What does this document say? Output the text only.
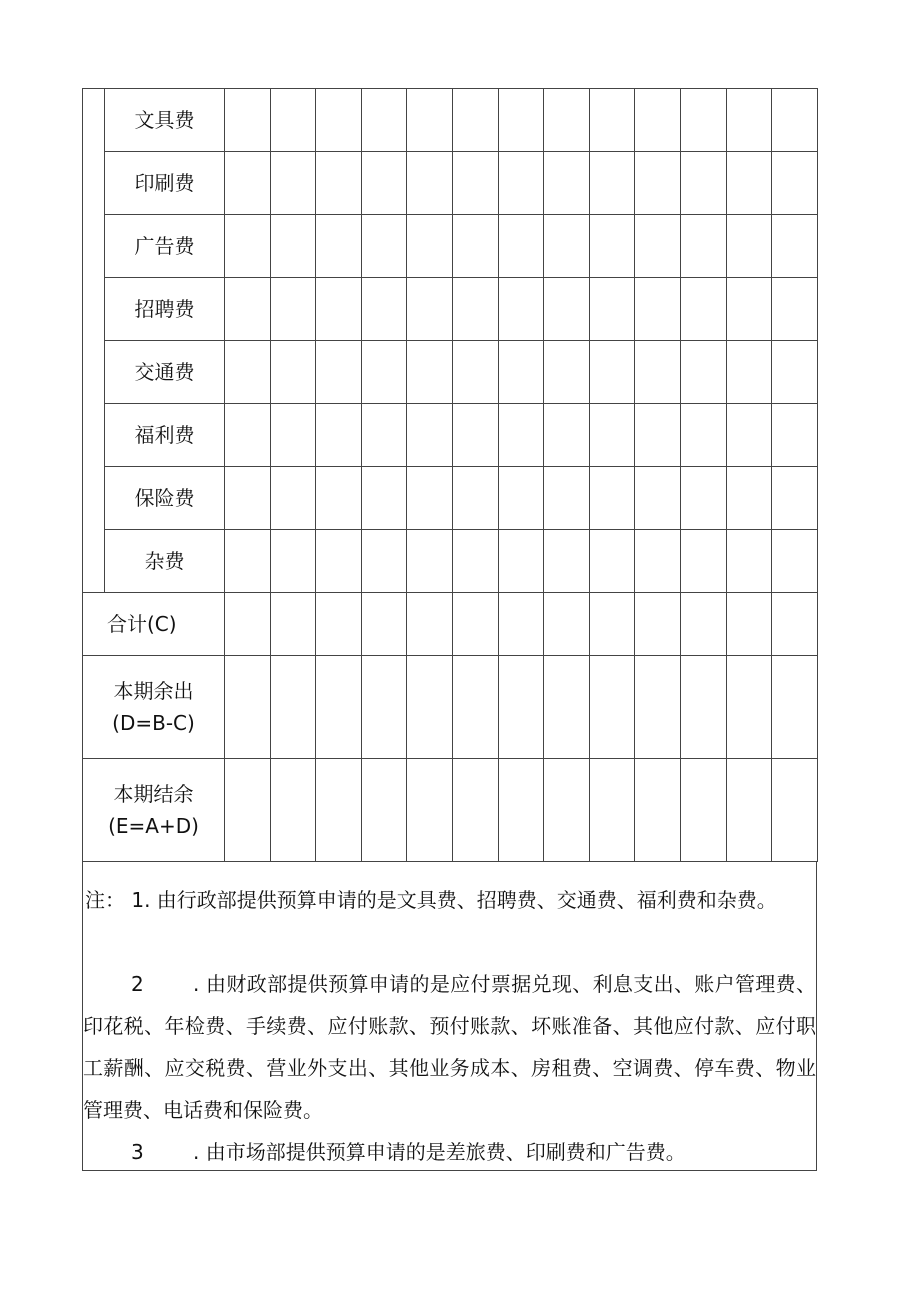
	文具费													
	印刷费													
	广告费													
	招聘费													
	交通费													
	福利费													
	保险费													
	杂费													
合计(C)														

本期余出
(D=B-C)														

本期结余
(E=A+D)														

注： 1. 由行政部提供预算申请的是文具费、招聘费、交通费、福利费和杂费。
. 由财政部提供预算申请的是应付票据兑现、利息支出、账户管理费、印花税、年检费、手续费、应付账款、预付账款、坏账准备、其他应付款、应付职工薪酬、应交税费、营业外支出、其他业务成本、房租费、空调费、停车费、物业管理费、电话费和保险费。
2
. 由市场部提供预算申请的是差旅费、印刷费和广告费。
3
